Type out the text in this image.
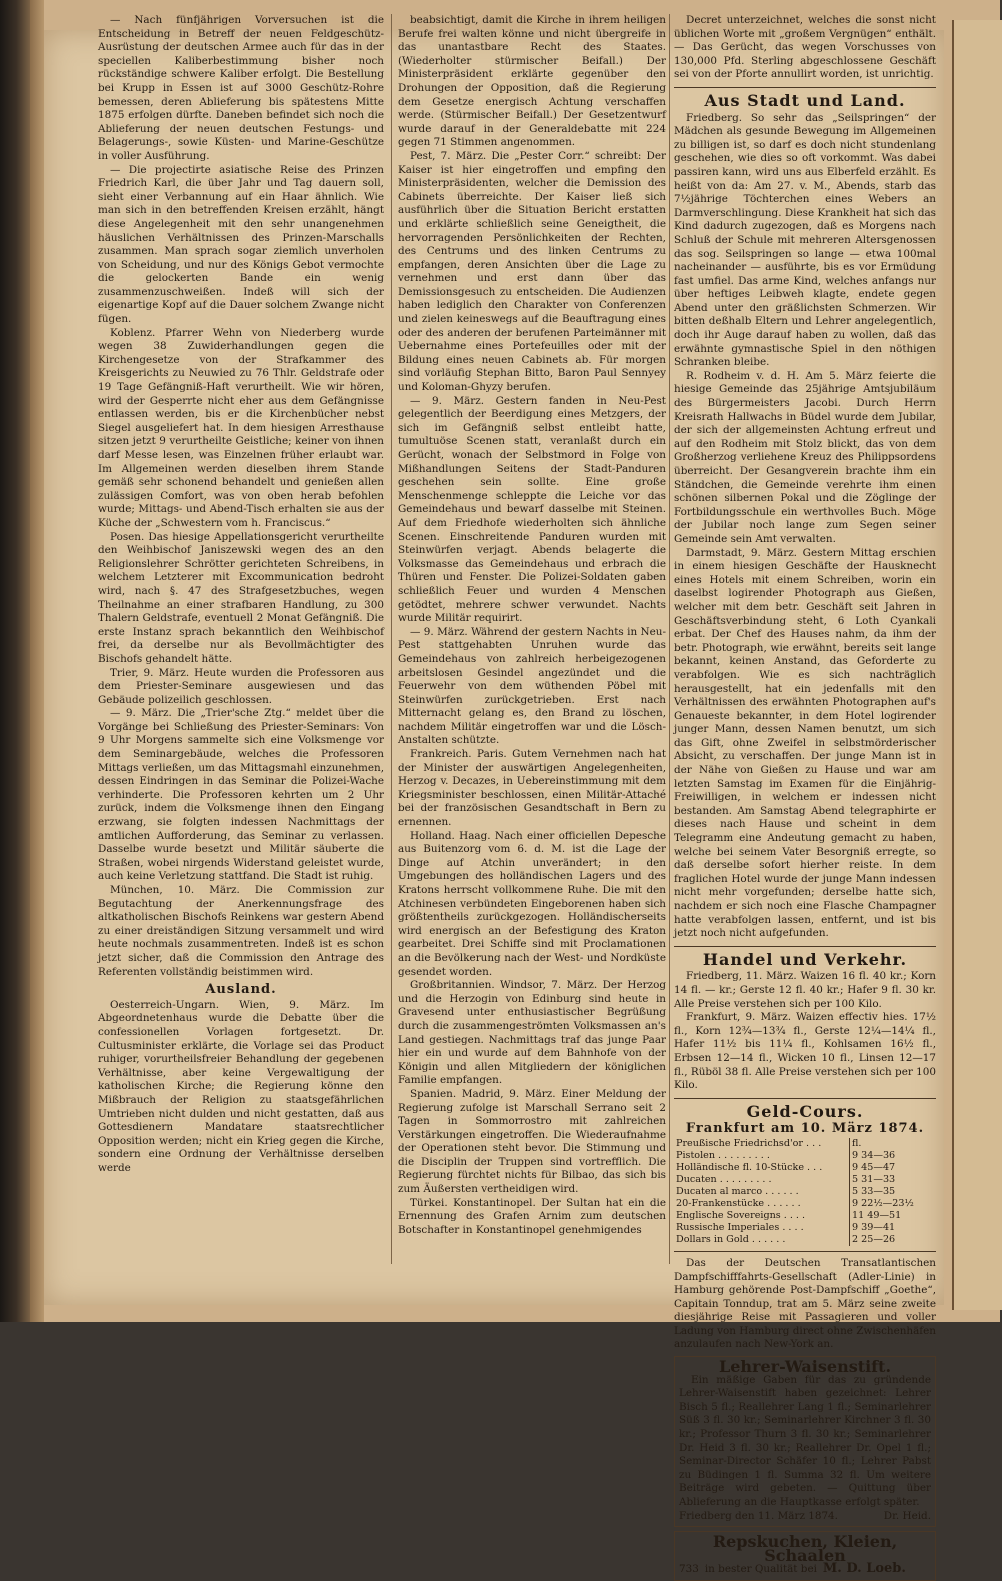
— Nach fünfjährigen Vorversuchen ist die Entscheidung in Betreff der neuen Feldgeschütz-Ausrüstung der deutschen Armee auch für das in der speciellen Kaliberbestimmung bisher noch rückständige schwere Kaliber erfolgt. Die Bestellung bei Krupp in Essen ist auf 3000 Geschütz-Rohre bemessen, deren Ablieferung bis spätestens Mitte 1875 erfolgen dürfte. Daneben befindet sich noch die Ablieferung der neuen deutschen Festungs- und Belagerungs-, sowie Küsten- und Marine-Geschütze in voller Ausführung.

— Die projectirte asiatische Reise des Prinzen Friedrich Karl, die über Jahr und Tag dauern soll, sieht einer Verbannung auf ein Haar ähnlich. Wie man sich in den betreffenden Kreisen erzählt, hängt diese Angelegenheit mit den sehr unangenehmen häuslichen Verhältnissen des Prinzen-Marschalls zusammen. Man sprach sogar ziemlich unverholen von Scheidung, und nur des Königs Gebot vermochte die gelockerten Bande ein wenig zusammenzuschweißen. Indeß will sich der eigenartige Kopf auf die Dauer solchem Zwange nicht fügen.

Koblenz. Pfarrer Wehn von Niederberg wurde wegen 38 Zuwiderhandlungen gegen die Kirchengesetze von der Strafkammer des Kreisgerichts zu Neuwied zu 76 Thlr. Geldstrafe oder 19 Tage Gefängniß-Haft verurtheilt. Wie wir hören, wird der Gesperrte nicht eher aus dem Gefängnisse entlassen werden, bis er die Kirchenbücher nebst Siegel ausgeliefert hat. In dem hiesigen Arresthause sitzen jetzt 9 verurtheilte Geistliche; keiner von ihnen darf Messe lesen, was Einzelnen früher erlaubt war. Im Allgemeinen werden dieselben ihrem Stande gemäß sehr schonend behandelt und genießen allen zulässigen Comfort, was von oben herab befohlen wurde; Mittags- und Abend-Tisch erhalten sie aus der Küche der „Schwestern vom h. Franciscus.“

Posen. Das hiesige Appellationsgericht verurtheilte den Weihbischof Janiszewski wegen des an den Religionslehrer Schrötter gerichteten Schreibens, in welchem Letzterer mit Excommunication bedroht wird, nach §. 47 des Strafgesetzbuches, wegen Theilnahme an einer strafbaren Handlung, zu 300 Thalern Geldstrafe, eventuell 2 Monat Gefängniß. Die erste Instanz sprach bekanntlich den Weihbischof frei, da derselbe nur als Bevollmächtigter des Bischofs gehandelt hätte.

Trier, 9. März. Heute wurden die Professoren aus dem Priester-Seminare ausgewiesen und das Gebäude polizeilich geschlossen.

— 9. März. Die „Trier'sche Ztg.“ meldet über die Vorgänge bei Schließung des Priester-Seminars: Von 9 Uhr Morgens sammelte sich eine Volksmenge vor dem Seminargebäude, welches die Professoren Mittags verließen, um das Mittagsmahl einzunehmen, dessen Eindringen in das Seminar die Polizei-Wache verhinderte. Die Professoren kehrten um 2 Uhr zurück, indem die Volksmenge ihnen den Eingang erzwang, sie folgten indessen Nachmittags der amtlichen Aufforderung, das Seminar zu verlassen. Dasselbe wurde besetzt und Militär säuberte die Straßen, wobei nirgends Widerstand geleistet wurde, auch keine Verletzung stattfand. Die Stadt ist ruhig.

München, 10. März. Die Commission zur Begutachtung der Anerkennungsfrage des altkatholischen Bischofs Reinkens war gestern Abend zu einer dreiständigen Sitzung versammelt und wird heute nochmals zusammentreten. Indeß ist es schon jetzt sicher, daß die Commission den Antrage des Referenten vollständig beistimmen wird.

Ausland.

Oesterreich-Ungarn. Wien, 9. März. Im Abgeordnetenhaus wurde die Debatte über die confessionellen Vorlagen fortgesetzt. Dr. Cultusminister erklärte, die Vorlage sei das Product ruhiger, vorurtheilsfreier Behandlung der gegebenen Verhältnisse, aber keine Vergewaltigung der katholischen Kirche; die Regierung könne den Mißbrauch der Religion zu staatsgefährlichen Umtrieben nicht dulden und nicht gestatten, daß aus Gottesdienern Mandatare staatsrechtlicher Opposition werden; nicht ein Krieg gegen die Kirche, sondern eine Ordnung der Verhältnisse derselben werde

beabsichtigt, damit die Kirche in ihrem heiligen Berufe frei walten könne und nicht übergreife in das unantastbare Recht des Staates. (Wiederholter stürmischer Beifall.) Der Ministerpräsident erklärte gegenüber den Drohungen der Opposition, daß die Regierung dem Gesetze energisch Achtung verschaffen werde. (Stürmischer Beifall.) Der Gesetzentwurf wurde darauf in der Generaldebatte mit 224 gegen 71 Stimmen angenommen.

Pest, 7. März. Die „Pester Corr.“ schreibt: Der Kaiser ist hier eingetroffen und empfing den Ministerpräsidenten, welcher die Demission des Cabinets überreichte. Der Kaiser ließ sich ausführlich über die Situation Bericht erstatten und erklärte schließlich seine Geneigtheit, die hervorragenden Persönlichkeiten der Rechten, des Centrums und des linken Centrums zu empfangen, deren Ansichten über die Lage zu vernehmen und erst dann über das Demissionsgesuch zu entscheiden. Die Audienzen haben lediglich den Charakter von Conferenzen und zielen keineswegs auf die Beauftragung eines oder des anderen der berufenen Parteimänner mit Uebernahme eines Portefeuilles oder mit der Bildung eines neuen Cabinets ab. Für morgen sind vorläufig Stephan Bitto, Baron Paul Sennyey und Koloman-Ghyzy berufen.

— 9. März. Gestern fanden in Neu-Pest gelegentlich der Beerdigung eines Metzgers, der sich im Gefängniß selbst entleibt hatte, tumultuöse Scenen statt, veranlaßt durch ein Gerücht, wonach der Selbstmord in Folge von Mißhandlungen Seitens der Stadt-Panduren geschehen sein sollte. Eine große Menschenmenge schleppte die Leiche vor das Gemeindehaus und bewarf dasselbe mit Steinen. Auf dem Friedhofe wiederholten sich ähnliche Scenen. Einschreitende Panduren wurden mit Steinwürfen verjagt. Abends belagerte die Volksmasse das Gemeindehaus und erbrach die Thüren und Fenster. Die Polizei-Soldaten gaben schließlich Feuer und wurden 4 Menschen getödtet, mehrere schwer verwundet. Nachts wurde Militär requirirt.

— 9. März. Während der gestern Nachts in Neu-Pest stattgehabten Unruhen wurde das Gemeindehaus von zahlreich herbeigezogenen arbeitslosen Gesindel angezündet und die Feuerwehr von dem wüthenden Pöbel mit Steinwürfen zurückgetrieben. Erst nach Mitternacht gelang es, den Brand zu löschen, nachdem Militär eingetroffen war und die Lösch-Anstalten schützte.

Frankreich. Paris. Gutem Vernehmen nach hat der Minister der auswärtigen Angelegenheiten, Herzog v. Decazes, in Uebereinstimmung mit dem Kriegsminister beschlossen, einen Militär-Attaché bei der französischen Gesandtschaft in Bern zu ernennen.

Holland. Haag. Nach einer officiellen Depesche aus Buitenzorg vom 6. d. M. ist die Lage der Dinge auf Atchin unverändert; in den Umgebungen des holländischen Lagers und des Kratons herrscht vollkommene Ruhe. Die mit den Atchinesen verbündeten Eingeborenen haben sich größtentheils zurückgezogen. Holländischerseits wird energisch an der Befestigung des Kraton gearbeitet. Drei Schiffe sind mit Proclamationen an die Bevölkerung nach der West- und Nordküste gesendet worden.

Großbritannien. Windsor, 7. März. Der Herzog und die Herzogin von Edinburg sind heute in Gravesend unter enthusiastischer Begrüßung durch die zusammengeströmten Volksmassen an's Land gestiegen. Nachmittags traf das junge Paar hier ein und wurde auf dem Bahnhofe von der Königin und allen Mitgliedern der königlichen Familie empfangen.

Spanien. Madrid, 9. März. Einer Meldung der Regierung zufolge ist Marschall Serrano seit 2 Tagen in Sommorrostro mit zahlreichen Verstärkungen eingetroffen. Die Wiederaufnahme der Operationen steht bevor. Die Stimmung und die Disciplin der Truppen sind vortrefflich. Die Regierung fürchtet nichts für Bilbao, das sich bis zum Äußersten vertheidigen wird.

Türkei. Konstantinopel. Der Sultan hat ein die Ernennung des Grafen Arnim zum deutschen Botschafter in Konstantinopel genehmigendes

Decret unterzeichnet, welches die sonst nicht üblichen Worte mit „großem Vergnügen“ enthält. — Das Gerücht, das wegen Vorschusses von 130,000 Pfd. Sterling abgeschlossene Geschäft sei von der Pforte annullirt worden, ist unrichtig.

Aus Stadt und Land.

Friedberg. So sehr das „Seilspringen“ der Mädchen als gesunde Bewegung im Allgemeinen zu billigen ist, so darf es doch nicht stundenlang geschehen, wie dies so oft vorkommt. Was dabei passiren kann, wird uns aus Elberfeld erzählt. Es heißt von da: Am 27. v. M., Abends, starb das 7½jährige Töchterchen eines Webers an Darmverschlingung. Diese Krankheit hat sich das Kind dadurch zugezogen, daß es Morgens nach Schluß der Schule mit mehreren Altersgenossen das sog. Seilspringen so lange — etwa 100mal nacheinander — ausführte, bis es vor Ermüdung fast umfiel. Das arme Kind, welches anfangs nur über heftiges Leibweh klagte, endete gegen Abend unter den gräßlichsten Schmerzen. Wir bitten deßhalb Eltern und Lehrer angelegentlich, doch ihr Auge darauf haben zu wollen, daß das erwähnte gymnastische Spiel in den nöthigen Schranken bleibe.

R. Rodheim v. d. H. Am 5. März feierte die hiesige Gemeinde das 25jährige Amtsjubiläum des Bürgermeisters Jacobi. Durch Herrn Kreisrath Hallwachs in Büdel wurde dem Jubilar, der sich der allgemeinsten Achtung erfreut und auf den Rodheim mit Stolz blickt, das von dem Großherzog verliehene Kreuz des Philippsordens überreicht. Der Gesangverein brachte ihm ein Ständchen, die Gemeinde verehrte ihm einen schönen silbernen Pokal und die Zöglinge der Fortbildungsschule ein werthvolles Buch. Möge der Jubilar noch lange zum Segen seiner Gemeinde sein Amt verwalten.

Darmstadt, 9. März. Gestern Mittag erschien in einem hiesigen Geschäfte der Hausknecht eines Hotels mit einem Schreiben, worin ein daselbst logirender Photograph aus Gießen, welcher mit dem betr. Geschäft seit Jahren in Geschäftsverbindung steht, 6 Loth Cyankali erbat. Der Chef des Hauses nahm, da ihm der betr. Photograph, wie erwähnt, bereits seit lange bekannt, keinen Anstand, das Geforderte zu verabfolgen. Wie es sich nachträglich herausgestellt, hat ein jedenfalls mit den Verhältnissen des erwähnten Photographen auf's Genaueste bekannter, in dem Hotel logirender junger Mann, dessen Namen benutzt, um sich das Gift, ohne Zweifel in selbstmörderischer Absicht, zu verschaffen. Der junge Mann ist in der Nähe von Gießen zu Hause und war am letzten Samstag im Examen für die Einjährig-Freiwilligen, in welchem er indessen nicht bestanden. Am Samstag Abend telegraphirte er dieses nach Hause und scheint in dem Telegramm eine Andeutung gemacht zu haben, welche bei seinem Vater Besorgniß erregte, so daß derselbe sofort hierher reiste. In dem fraglichen Hotel wurde der junge Mann indessen nicht mehr vorgefunden; derselbe hatte sich, nachdem er sich noch eine Flasche Champagner hatte verabfolgen lassen, entfernt, und ist bis jetzt noch nicht aufgefunden.

Handel und Verkehr.

Friedberg, 11. März. Waizen 16 fl. 40 kr.; Korn 14 fl. — kr.; Gerste 12 fl. 40 kr.; Hafer 9 fl. 30 kr. Alle Preise verstehen sich per 100 Kilo.

Frankfurt, 9. März. Waizen effectiv hies. 17½ fl., Korn 12¾—13¾ fl., Gerste 12¼—14¼ fl., Hafer 11½ bis 11¼ fl., Kohlsamen 16½ fl., Erbsen 12—14 fl., Wicken 10 fl., Linsen 12—17 fl., Rüböl 38 fl. Alle Preise verstehen sich per 100 Kilo.

Geld-Cours.
Frankfurt am 10. März 1874.
Preußische Friedrichsd'or . . .	fl.
Pistolen . . . . . . . . .	9 34—36
Holländische fl. 10-Stücke . . .	9 45—47
Ducaten . . . . . . . . .	5 31—33
Ducaten al marco . . . . . .	5 33—35
20-Frankenstücke . . . . . .	9 22½—23½
Englische Sovereigns . . . .	11 49—51
Russische Imperiales . . . .	9 39—41
Dollars in Gold . . . . . .	2 25—26

Das der Deutschen Transatlantischen Dampfschifffahrts-Gesellschaft (Adler-Linie) in Hamburg gehörende Post-Dampfschiff „Goethe“, Capitain Tonndup, trat am 5. März seine zweite diesjährige Reise mit Passagieren und voller Ladung von Hamburg direct ohne Zwischenhäfen anzulaufen nach New-York an.

Lehrer-Waisenstift.

Ein mäßige Gaben für das zu gründende Lehrer-Waisenstift haben gezeichnet: Lehrer Bisch 5 fl.; Reallehrer Lang 1 fl.; Seminarlehrer Süß 3 fl. 30 kr.; Seminarlehrer Kirchner 3 fl. 30 kr.; Professor Thurn 3 fl. 30 kr.; Seminarlehrer Dr. Heid 3 fl. 30 kr.; Reallehrer Dr. Opel 1 fl.; Seminar-Director Schäfer 10 fl.; Lehrer Pabst zu Büdingen 1 fl. Summa 32 fl. Um weitere Beiträge wird gebeten. — Quittung über Ablieferung an die Hauptkasse erfolgt später.

Friedberg den 11. März 1874.	Dr. Heid.
Repskuchen, Kleien, Schaalen
733 in bester Qualität bei M. D. Loeb.
